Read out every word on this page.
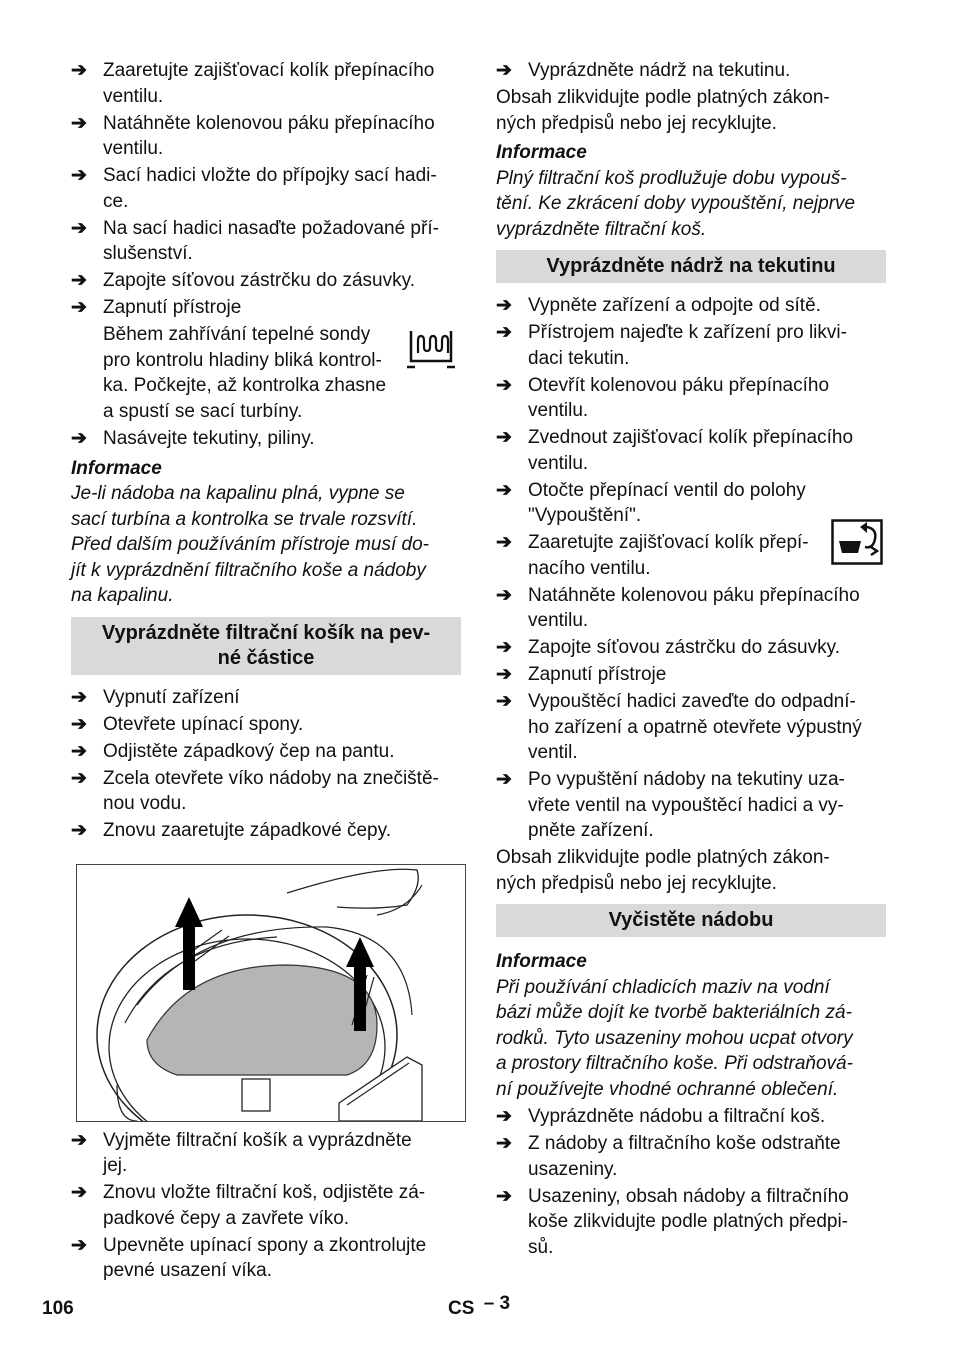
➔ Zaaretujte zajišťovací kolík přepínacího
ventilu.
➔ Natáhněte kolenovou páku přepínacího
ventilu.
➔ Sací hadici vložte do přípojky sací hadi-
ce.
➔ Na sací hadici nasaďte požadované pří-
slušenství.
➔ Zapojte síťovou zástrčku do zásuvky.
➔ Zapnutí přístroje
Během zahřívání tepelné sondy
pro kontrolu hladiny bliká kontrol-
ka. Počkejte, až kontrolka zhasne
a spustí se sací turbíny.
➔ Nasávejte tekutiny, piliny.
Informace
Je-li nádoba na kapalinu plná, vypne se
sací turbína a kontrolka se trvale rozsvítí.
Před dalším používáním přístroje musí do-
jít k vyprázdnění filtračního koše a nádoby
na kapalinu.
Vyprázdněte filtrační košík na pev-
né částice
➔ Vypnutí zařízení
➔ Otevřete upínací spony.
➔ Odjistěte západkový čep na pantu.
➔ Zcela otevřete víko nádoby na znečiště-
nou vodu.
➔ Znovu zaaretujte západkové čepy.
➔ Vyjměte filtrační košík a vyprázdněte
jej.
➔ Znovu vložte filtrační koš, odjistěte zá-
padkové čepy a zavřete víko.
➔ Upevněte upínací spony a zkontrolujte
pevné usazení víka.
➔ Vyprázdněte nádrž na tekutinu.
Obsah zlikvidujte podle platných zákon-
ných předpisů nebo jej recyklujte.
Informace
Plný filtrační koš prodlužuje dobu vypouš-
tění. Ke zkrácení doby vypouštění, nejprve
vyprázdněte filtrační koš.
Vyprázdněte nádrž na tekutinu
➔ Vypněte zařízení a odpojte od sítě.
➔ Přístrojem najeďte k zařízení pro likvi-
daci tekutin.
➔ Otevřít kolenovou páku přepínacího
ventilu.
➔ Zvednout zajišťovací kolík přepínacího
ventilu.
➔ Otočte přepínací ventil do polohy
"Vypouštění".
➔ Zaaretujte zajišťovací kolík přepí-
nacího ventilu.
➔ Natáhněte kolenovou páku přepínacího
ventilu.
➔ Zapojte síťovou zástrčku do zásuvky.
➔ Zapnutí přístroje
➔ Vypouštěcí hadici zaveďte do odpadní-
ho zařízení a opatrně otevřete výpustný
ventil.
➔ Po vypuštění nádoby na tekutiny uza-
vřete ventil na vypouštěcí hadici a vy-
pněte zařízení.
Obsah zlikvidujte podle platných zákon-
ných předpisů nebo jej recyklujte.
Vyčistěte nádobu
Informace
Při používání chladicích maziv na vodní
bázi může dojít ke tvorbě bakteriálních zá-
rodků. Tyto usazeniny mohou ucpat otvory
a prostory filtračního koše. Při odstraňová-
ní používejte vhodné ochranné oblečení.
➔ Vyprázdněte nádobu a filtrační koš.
➔ Z nádoby a filtračního koše odstraňte
usazeniny.
➔ Usazeniny, obsah nádoby a filtračního
koše zlikvidujte podle platných předpi-
sů.
106	CS – 3
